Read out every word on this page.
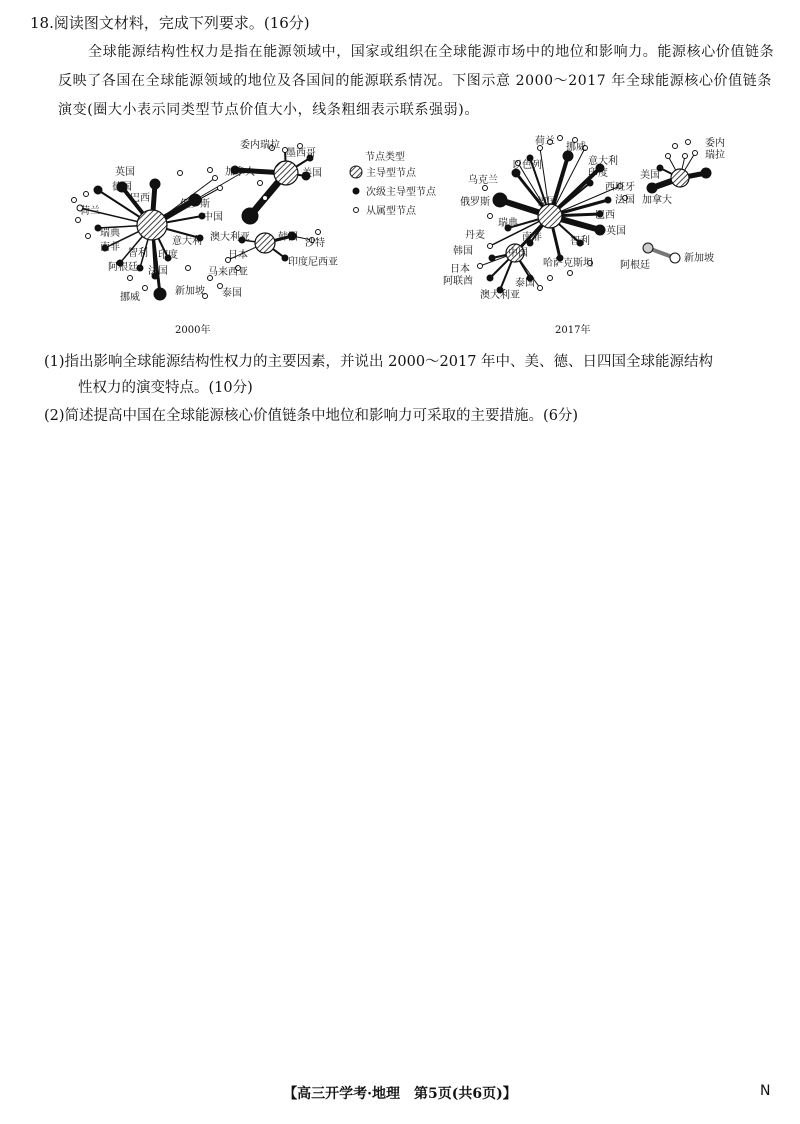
18.阅读图文材料，完成下列要求。(16分)
全球能源结构性权力是指在能源领域中，国家或组织在全球能源市场中的地位和影响力。能源核心价值链条反映了各国在全球能源领域的地位及各国间的能源联系情况。下图示意 2000～2017 年全球能源核心价值链条演变(圈大小表示同类型节点价值大小，线条粗细表示联系强弱)。
英国
德国
巴西
荷兰
俄罗斯
中国
瑞典	澳大利亚
意大利
南非
智利 印度
阿根廷 法国
挪威
委内瑞拉
墨西哥
加拿大	美国
韩国
沙特
日本
印度尼西亚
马来西亚
新加坡 泰国
2000年
节点类型
主导型节点
次级主导型节点
从属型节点
荷兰
挪威
以色列	意大利
印度
乌克兰
西班牙
法国
俄罗斯	德国
巴西
瑞典
英国
丹麦	南非
韩国
智利
中国
哈萨克斯坦
日本
泰国
阿联酋
澳大利亚
阿根廷
委内
瑞拉
美国
加拿大
新加坡
2017年
(1)指出影响全球能源结构性权力的主要因素，并说出 2000～2017 年中、美、德、日四国全球能源结构
性权力的演变特点。(10分)
(2)简述提高中国在全球能源核心价值链条中地位和影响力可采取的主要措施。(6分)
【高三开学考·地理　第5页(共6页)】	N
